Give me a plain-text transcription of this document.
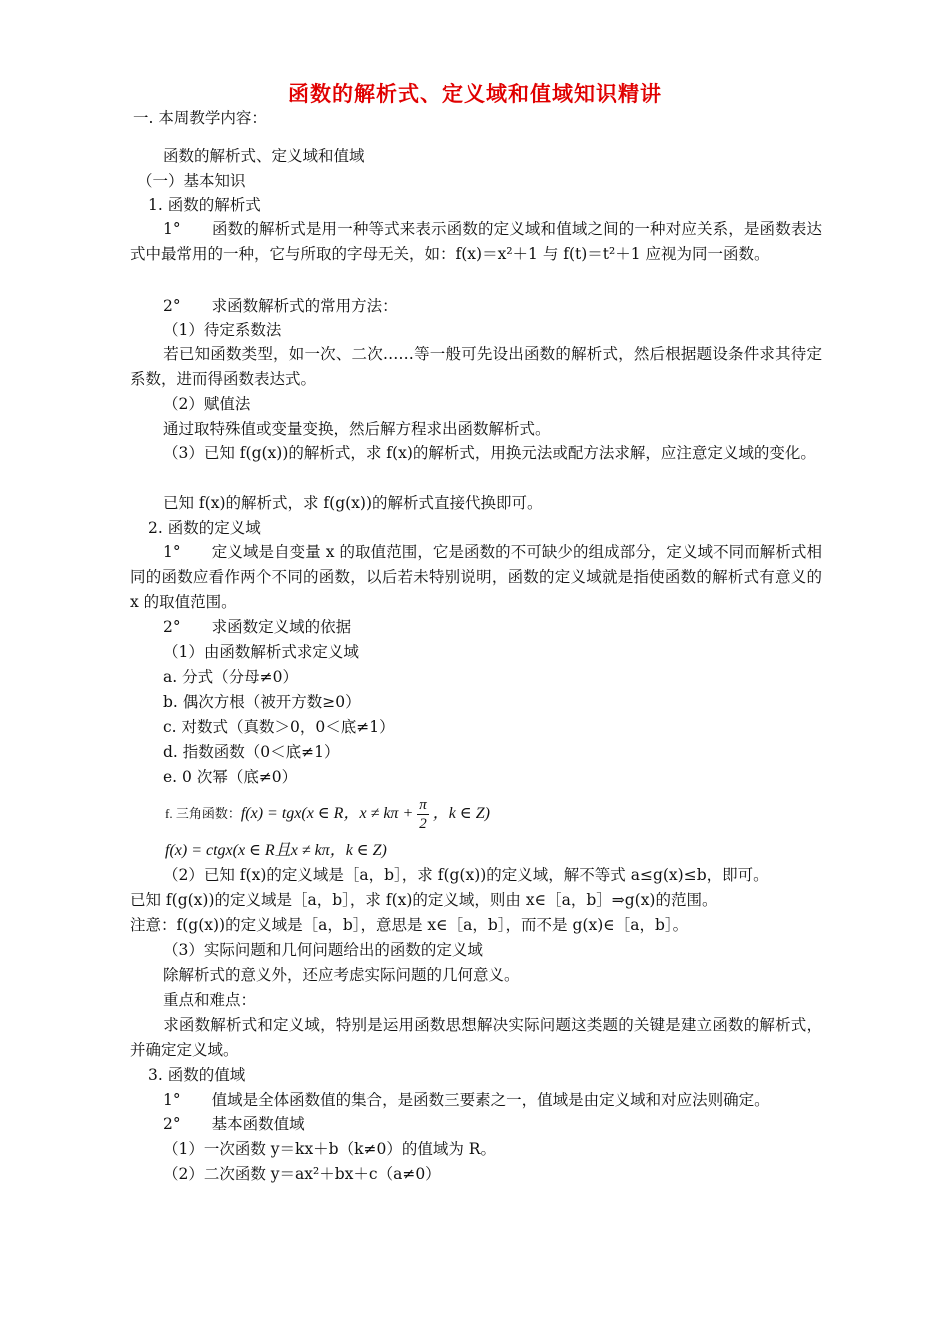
函数的解析式、定义域和值域知识精讲
一. 本周教学内容：
函数的解析式、定义域和值域
（一）基本知识
1. 函数的解析式
1°　　函数的解析式是用一种等式来表示函数的定义域和值域之间的一种对应关系，是函数表达式中最常用的一种，它与所取的字母无关，如：f(x)＝x²＋1 与 f(t)＝t²＋1 应视为同一函数。
2°　　求函数解析式的常用方法：
（1）待定系数法
若已知函数类型，如一次、二次……等一般可先设出函数的解析式，然后根据题设条件求其待定系数，进而得函数表达式。
（2）赋值法
通过取特殊值或变量变换，然后解方程求出函数解析式。
（3）已知 f(g(x))的解析式，求 f(x)的解析式，用换元法或配方法求解，应注意定义域的变化。
已知 f(x)的解析式，求 f(g(x))的解析式直接代换即可。
2. 函数的定义域
1°　　定义域是自变量 x 的取值范围，它是函数的不可缺少的组成部分，定义域不同而解析式相同的函数应看作两个不同的函数，以后若未特别说明，函数的定义域就是指使函数的解析式有意义的 x 的取值范围。
2°　　求函数定义域的依据
（1）由函数解析式求定义域
a. 分式（分母≠0）
b. 偶次方根（被开方数≥0）
c. 对数式（真数＞0，0＜底≠1）
d. 指数函数（0＜底≠1）
e. 0 次幂（底≠0）
f. 三角函数：f(x) = tgx(x ∈ R，$x \ne k\pi + \frac{\pi}{2}$ ，k ∈ Z)
f(x) = ctgx(x ∈ R且x ≠ kπ，k ∈ Z)
（2）已知 f(x)的定义域是［a，b］，求 f(g(x))的定义域，解不等式 a≤g(x)≤b，即可。
已知 f(g(x))的定义域是［a，b］，求 f(x)的定义域，则由 x∈［a，b］⇒g(x)的范围。
注意：f(g(x))的定义域是［a，b］，意思是 x∈［a，b］，而不是 g(x)∈［a，b］。
（3）实际问题和几何问题给出的函数的定义域
除解析式的意义外，还应考虑实际问题的几何意义。
重点和难点：
求函数解析式和定义域，特别是运用函数思想解决实际问题这类题的关键是建立函数的解析式，并确定定义域。
3. 函数的值域
1°　　值域是全体函数值的集合，是函数三要素之一，值域是由定义域和对应法则确定。
2°　　基本函数值域
（1）一次函数 y＝kx＋b（k≠0）的值域为 R。
（2）二次函数 y＝ax²＋bx＋c（a≠0）
